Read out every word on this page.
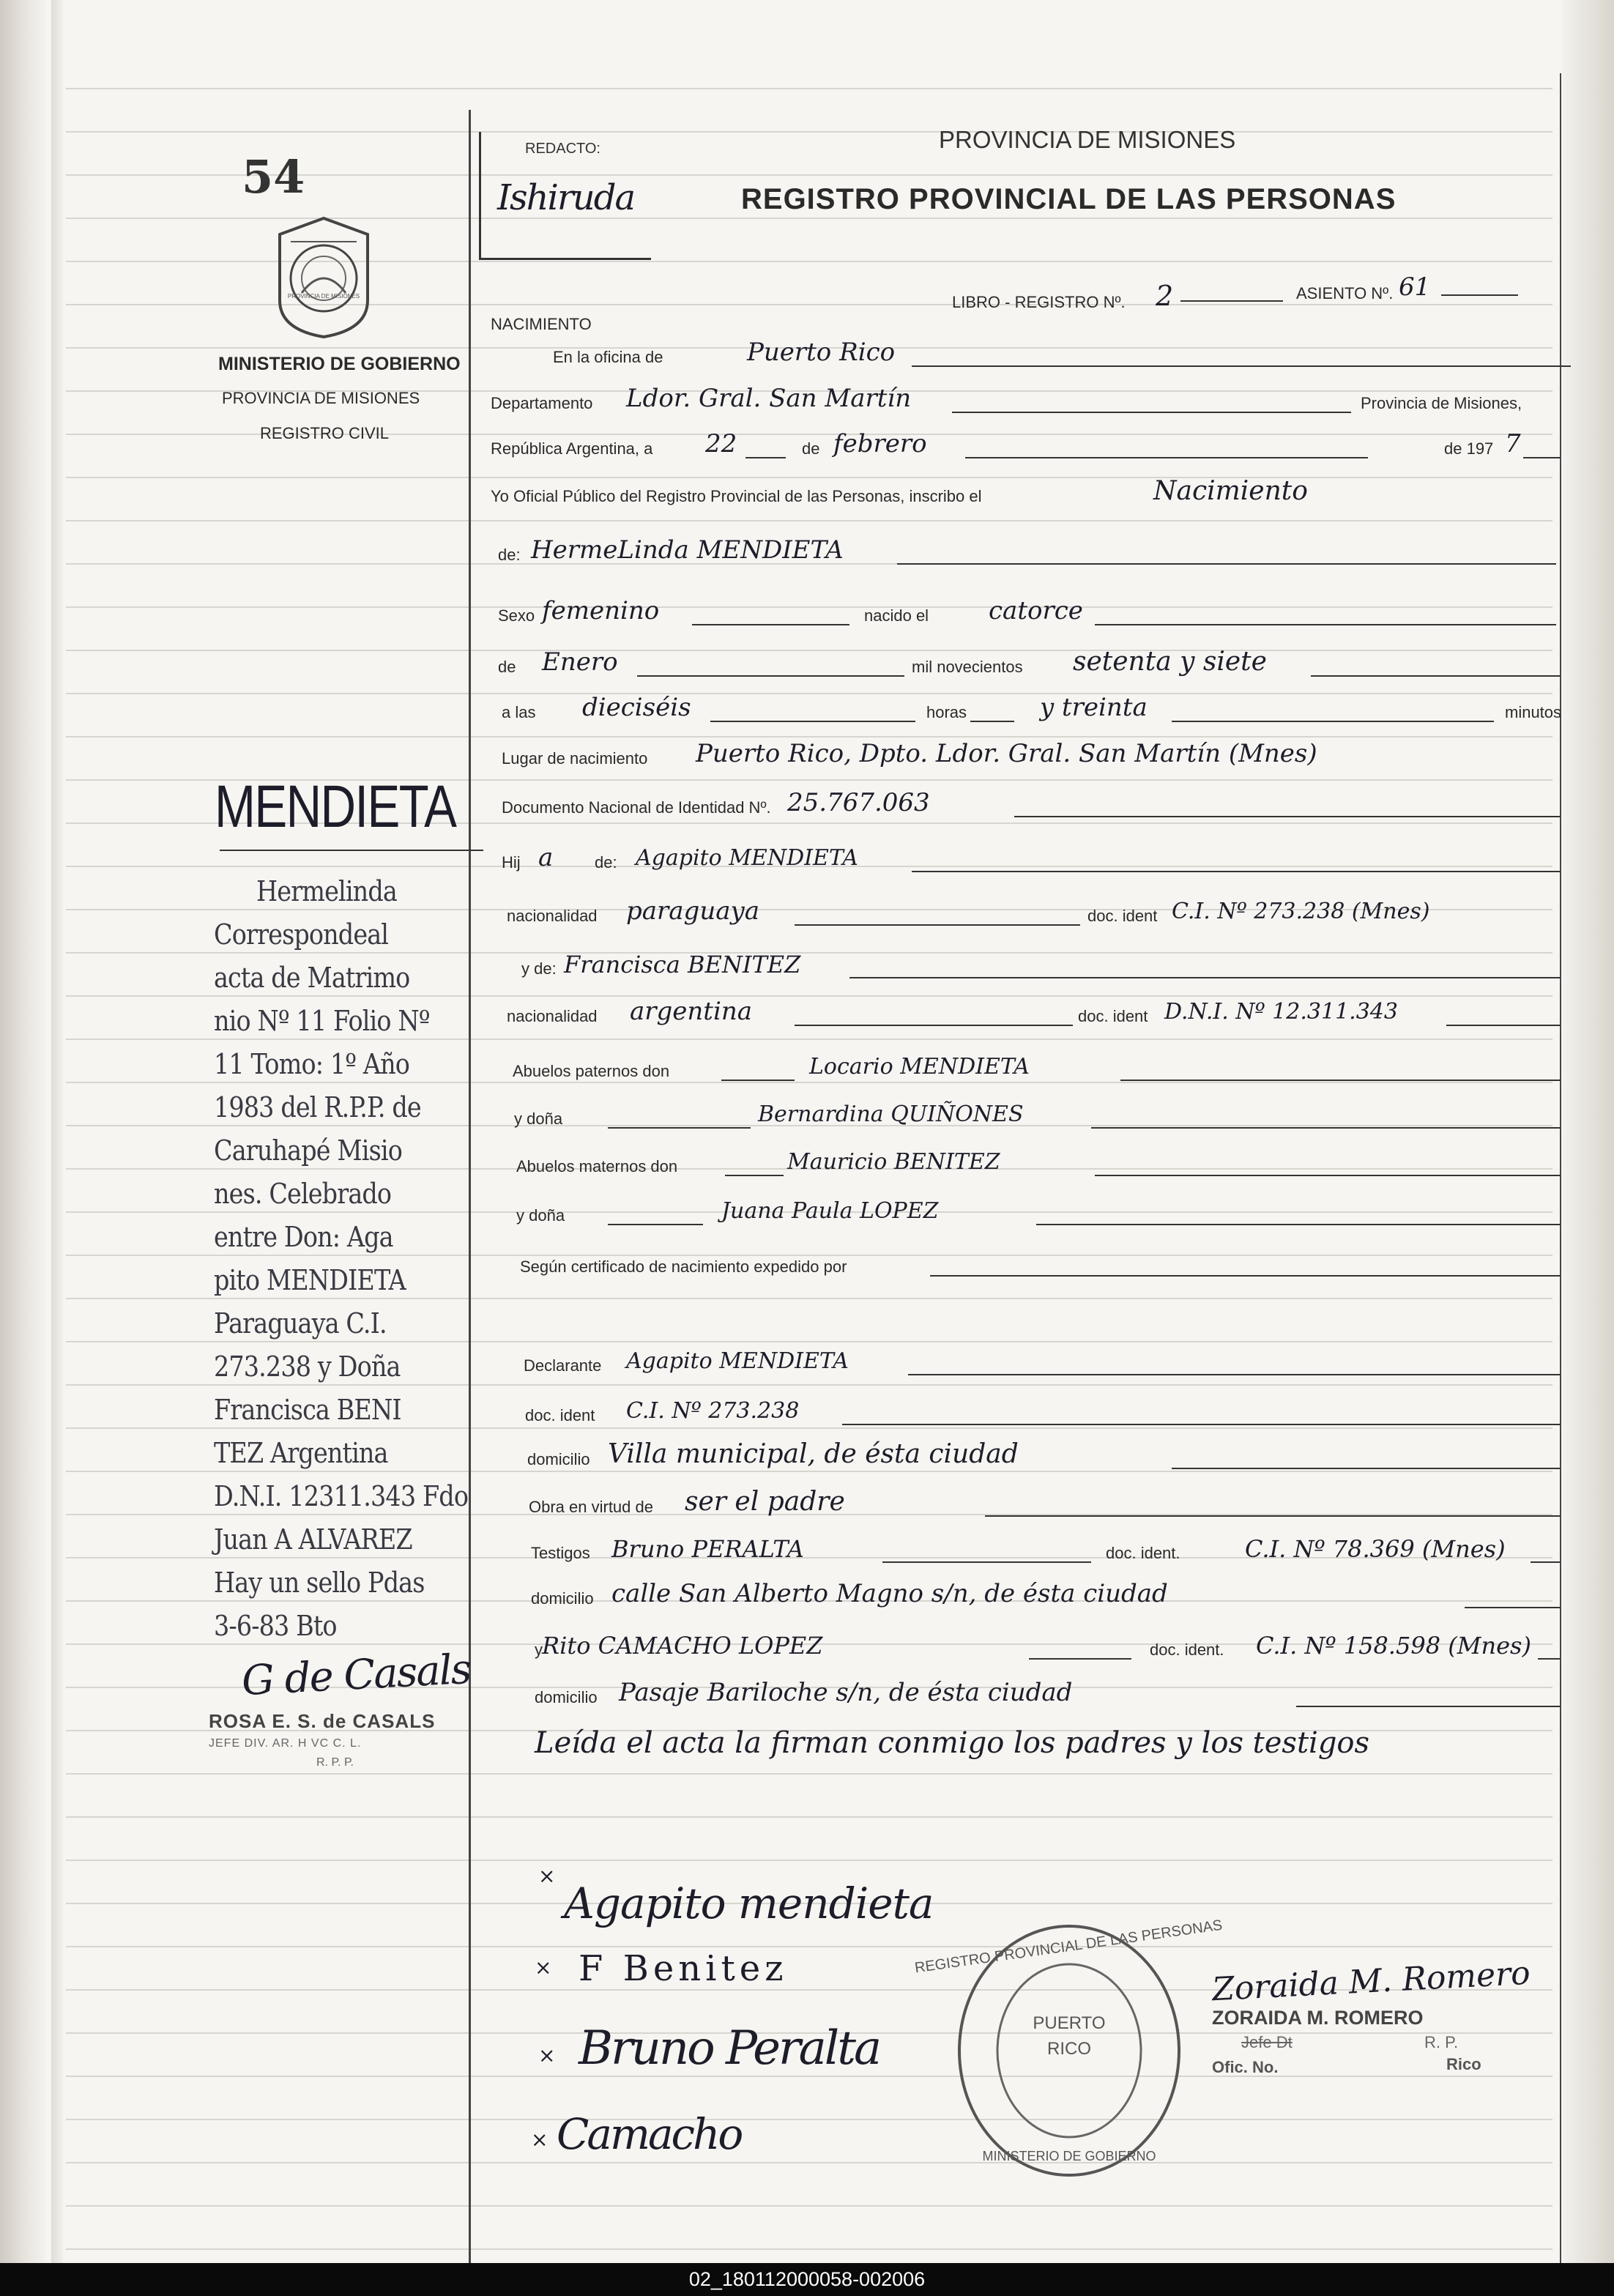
54
PROVINCIA DE MISIONES
MINISTERIO DE GOBIERNO
PROVINCIA DE MISIONES
REGISTRO CIVIL
REDACTO:
Ishiruda
PROVINCIA DE MISIONES
REGISTRO PROVINCIAL DE LAS PERSONAS
LIBRO - REGISTRO Nº. 2	ASIENTO Nº. 61
NACIMIENTO
En la oficina de	Puerto Rico
Departamento Ldor. Gral. San Martín	Provincia de Misiones,
República Argentina, a 22	de febrero	de 197 7
Yo Oficial Público del Registro Provincial de las Personas, inscribo el	Nacimiento
de: HermeLinda MENDIETA
Sexo femenino	nacido el catorce
de Enero	mil novecientos setenta y siete
a las dieciséis	horas	y treinta	minutos
Lugar de nacimiento Puerto Rico, Dpto. Ldor. Gral. San Martín (Mnes)
Documento Nacional de Identidad Nº. 25.767.063
Hij a	de: Agapito MENDIETA
nacionalidad paraguaya	doc. ident C.I. Nº 273.238 (Mnes)
y de: Francisca BENITEZ
nacionalidad argentina	doc. ident D.N.I. Nº 12.311.343
Abuelos paternos don	Locario MENDIETA
y doña	Bernardina QUIÑONES
Abuelos maternos don	Mauricio BENITEZ
y doña	Juana Paula LOPEZ
Según certificado de nacimiento expedido por
Declarante Agapito MENDIETA
doc. ident C.I. Nº 273.238
domicilio Villa municipal, de ésta ciudad
Obra en virtud de ser el padre
Testigos Bruno PERALTA	doc. ident.	C.I. Nº 78.369 (Mnes)
domicilio calle San Alberto Magno s/n, de ésta ciudad
y Rito CAMACHO LOPEZ	doc. ident. C.I. Nº 158.598 (Mnes)
domicilio Pasaje Bariloche s/n, de ésta ciudad
Leída el acta la firman conmigo los padres y los testigos
MENDIETA
Hermelinda
Correspondeal
acta de Matrimo
nio Nº 11 Folio Nº
11 Tomo: 1º Año
1983 del R.P.P. de
Caruhapé Misio
nes. Celebrado
entre Don: Aga
pito MENDIETA
Paraguaya C.I.
273.238 y Doña
Francisca BENI
TEZ Argentina
D.N.I. 12311.343 Fdo
Juan A ALVAREZ
Hay un sello Pdas
3-6-83 Bto
G de Casals
ROSA E. S. de CASALS
JEFE DIV. AR. H VC C. L.
R. P. P.
×
Agapito mendieta
× F Benitez
× Bruno Peralta
× Camacho
REGISTRO PROVINCIAL DE LAS PERSONAS
PUERTO
RICO
MINISTERIO DE GOBIERNO
Zoraida M. Romero
ZORAIDA M. ROMERO
Jefe Dt	R. P.
Ofic. No.	Rico
02_180112000058-002006
